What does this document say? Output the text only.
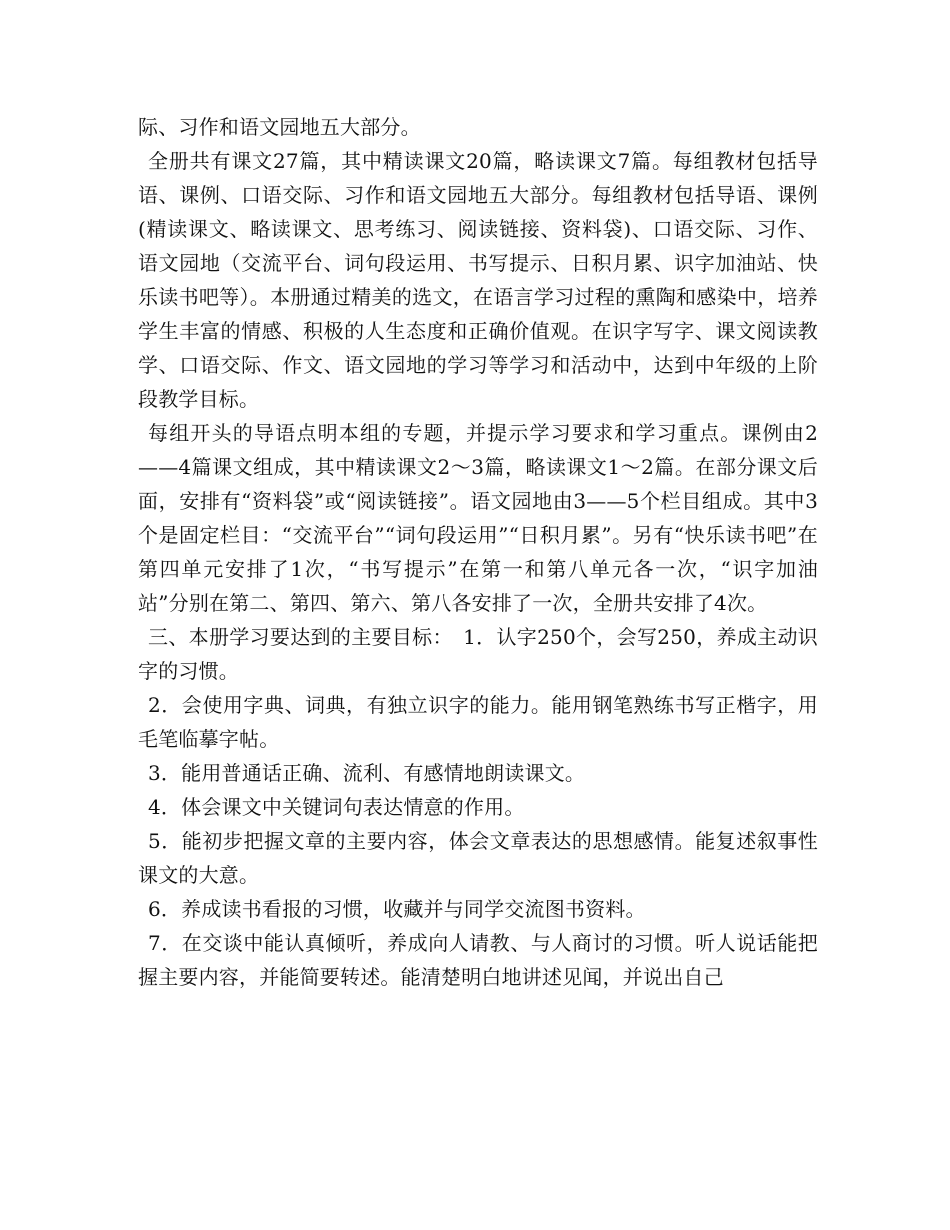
际、习作和语文园地五大部分。

全册共有课文27篇，其中精读课文20篇，略读课文7篇。每组教材包括导语、课例、口语交际、习作和语文园地五大部分。每组教材包括导语、课例(精读课文、略读课文、思考练习、阅读链接、资料袋)、口语交际、习作、语文园地（交流平台、词句段运用、书写提示、日积月累、识字加油站、快乐读书吧等）。本册通过精美的选文，在语言学习过程的熏陶和感染中，培养学生丰富的情感、积极的人生态度和正确价值观。在识字写字、课文阅读教学、口语交际、作文、语文园地的学习等学习和活动中，达到中年级的上阶段教学目标。

每组开头的导语点明本组的专题，并提示学习要求和学习重点。课例由2——4篇课文组成，其中精读课文2～3篇，略读课文1～2篇。在部分课文后面，安排有“资料袋”或“阅读链接”。语文园地由3——5个栏目组成。其中3个是固定栏目：“交流平台”“词句段运用”“日积月累”。另有“快乐读书吧”在第四单元安排了1次，“书写提示”在第一和第八单元各一次，“识字加油站”分别在第二、第四、第六、第八各安排了一次，全册共安排了4次。

三、本册学习要达到的主要目标：　1．认字250个，会写250，养成主动识字的习惯。

2．会使用字典、词典，有独立识字的能力。能用钢笔熟练书写正楷字，用毛笔临摹字帖。

3．能用普通话正确、流利、有感情地朗读课文。

4．体会课文中关键词句表达情意的作用。

5．能初步把握文章的主要内容，体会文章表达的思想感情。能复述叙事性课文的大意。

6．养成读书看报的习惯，收藏并与同学交流图书资料。

7．在交谈中能认真倾听，养成向人请教、与人商讨的习惯。听人说话能把握主要内容，并能简要转述。能清楚明白地讲述见闻，并说出自己
